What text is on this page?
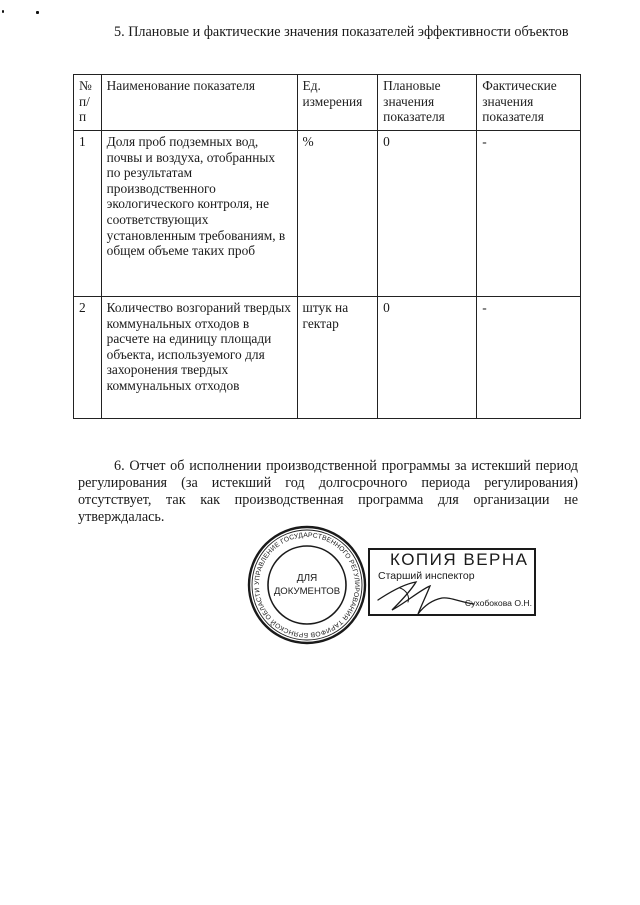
5. Плановые и фактические значения показателей эффективности объектов
№ п/п	Наименование показателя	Ед. измерения	Плановые значения показателя	Фактические значения показателя
1	Доля проб подземных вод, почвы и воздуха, отобранных по результатам производственного экологического контроля, не соответствующих установленным требованиям, в общем объеме таких проб	%	0	-
2	Количество возгораний твердых коммунальных отходов в расчете на единицу площади объекта, используемого для захоронения твердых коммунальных отходов	штук на гектар	0	-
6. Отчет об исполнении производственной программы за истекший период регулирования (за истекший год долгосрочного периода регулирования) отсутствует, так как производственная программа для организации не утверждалась.
УПРАВЛЕНИЕ ГОСУДАРСТВЕННОГО РЕГУЛИРОВАНИЯ ТАРИФОВ БРЯНСКОЙ ОБЛАСТИ
ДЛЯ
ДОКУМЕНТОВ
КОПИЯ ВЕРНА
Старший инспектор
Сухобокова О.Н.
